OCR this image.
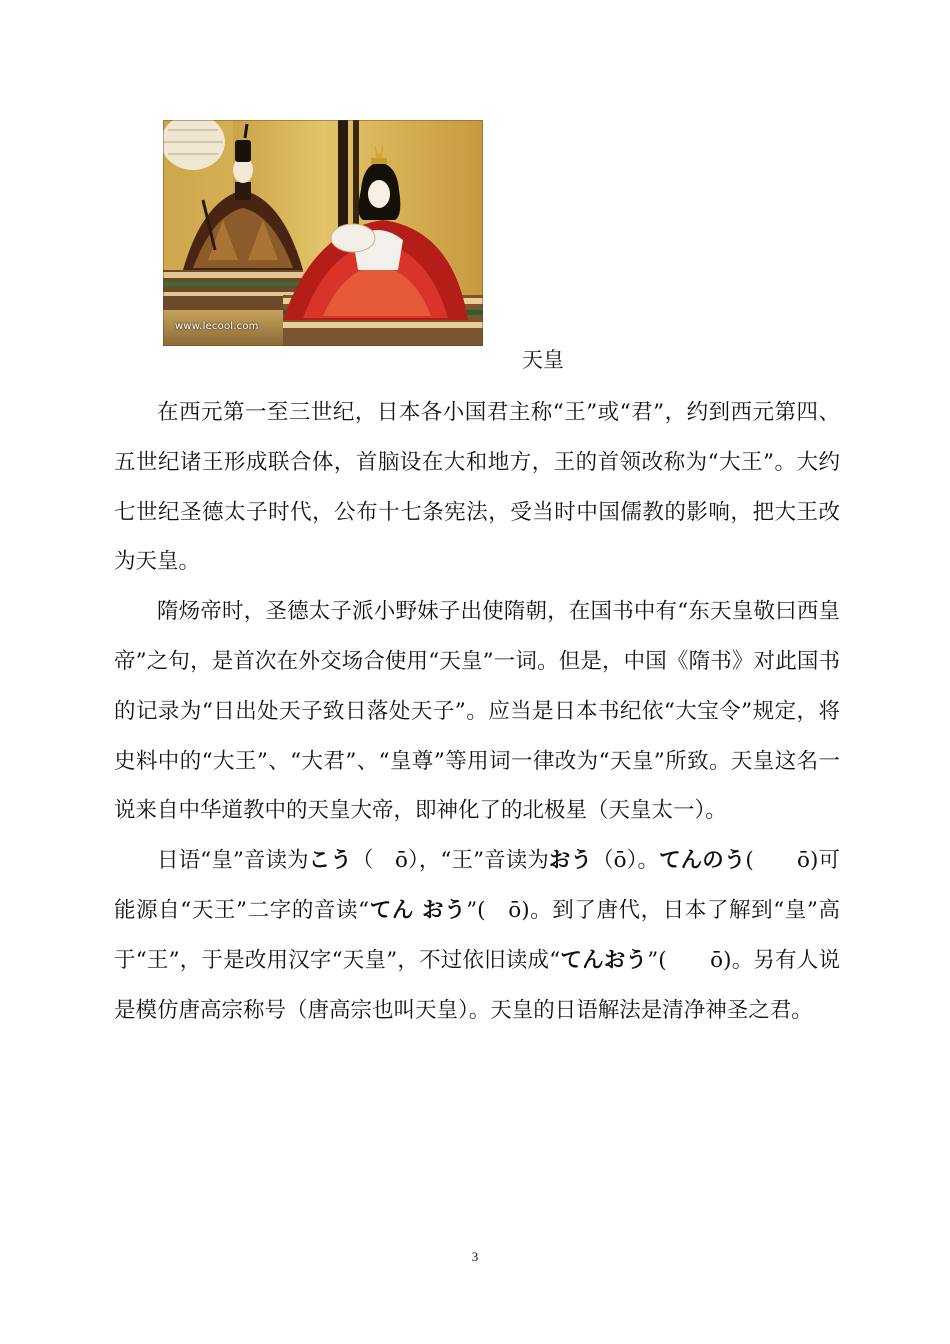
www.lecool.com
天皇

在西元第一至三世纪，日本各小国君主称“王”或“君”，约到西元第四、五世纪诸王形成联合体，首脑设在大和地方，王的首领改称为“大王”。大约七世纪圣德太子时代，公布十七条宪法，受当时中国儒教的影响，把大王改为天皇。

隋炀帝时，圣德太子派小野妹子出使隋朝，在国书中有“东天皇敬曰西皇帝”之句，是首次在外交场合使用“天皇”一词。但是，中国《隋书》对此国书的记录为“日出处天子致日落处天子”。应当是日本书纪依“大宝令”规定，将史料中的“大王”、“大君”、“皇尊”等用词一律改为“天皇”所致。天皇这名一说来自中华道教中的天皇大帝，即神化了的北极星（天皇太一）。

日语“皇”音读为こう（　ō），“王”音读为おう（ō）。てんのう(　　ō)可能源自“天王”二字的音读“てん おう”(　ō)。到了唐代，日本了解到“皇”高于“王”，于是改用汉字“天皇”，不过依旧读成“てんおう”(　　ō)。另有人说是模仿唐高宗称号（唐高宗也叫天皇）。天皇的日语解法是清净神圣之君。

3
